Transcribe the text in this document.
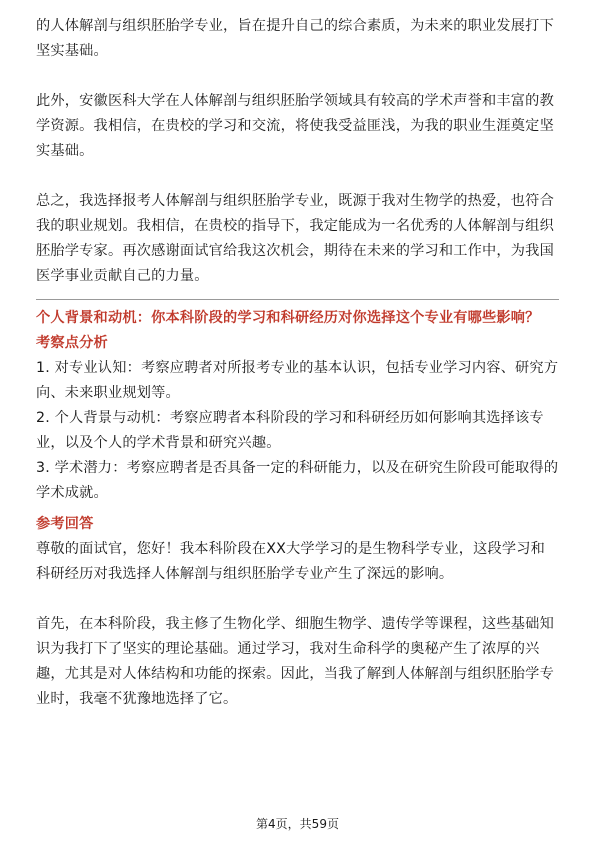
的人体解剖与组织胚胎学专业，旨在提升自己的综合素质，为未来的职业发展打下坚实基础。

此外，安徽医科大学在人体解剖与组织胚胎学领域具有较高的学术声誉和丰富的教学资源。我相信，在贵校的学习和交流，将使我受益匪浅，为我的职业生涯奠定坚实基础。

总之，我选择报考人体解剖与组织胚胎学专业，既源于我对生物学的热爱，也符合我的职业规划。我相信，在贵校的指导下，我定能成为一名优秀的人体解剖与组织胚胎学专家。再次感谢面试官给我这次机会，期待在未来的学习和工作中，为我国医学事业贡献自己的力量。

个人背景和动机：你本科阶段的学习和科研经历对你选择这个专业有哪些影响？

考察点分析

1. 对专业认知：考察应聘者对所报考专业的基本认识，包括专业学习内容、研究方向、未来职业规划等。

2. 个人背景与动机：考察应聘者本科阶段的学习和科研经历如何影响其选择该专业，以及个人的学术背景和研究兴趣。

3. 学术潜力：考察应聘者是否具备一定的科研能力，以及在研究生阶段可能取得的学术成就。

参考回答

尊敬的面试官，您好！我本科阶段在XX大学学习的是生物科学专业，这段学习和科研经历对我选择人体解剖与组织胚胎学专业产生了深远的影响。

首先，在本科阶段，我主修了生物化学、细胞生物学、遗传学等课程，这些基础知识为我打下了坚实的理论基础。通过学习，我对生命科学的奥秘产生了浓厚的兴趣，尤其是对人体结构和功能的探索。因此，当我了解到人体解剖与组织胚胎学专业时，我毫不犹豫地选择了它。

第4页，共59页
